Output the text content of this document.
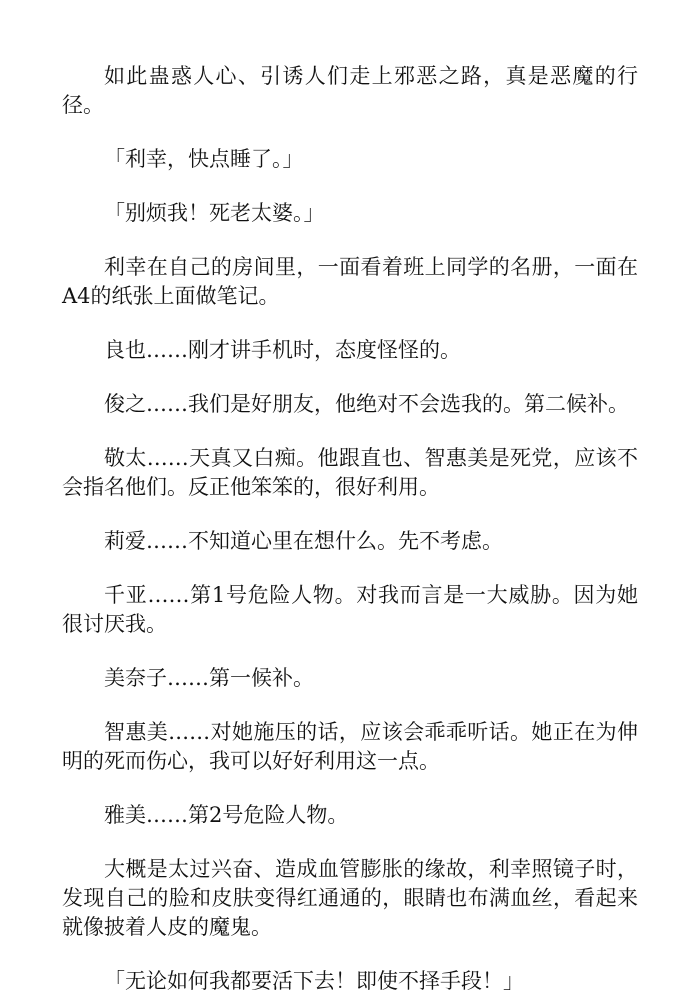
如此蛊惑人心、引诱人们走上邪恶之路，真是恶魔的行径。

「利幸，快点睡了。」

「别烦我！死老太婆。」

利幸在自己的房间里，一面看着班上同学的名册，一面在A4的纸张上面做笔记。

良也……刚才讲手机时，态度怪怪的。

俊之……我们是好朋友，他绝对不会选我的。第二候补。

敬太……天真又白痴。他跟直也、智惠美是死党，应该不会指名他们。反正他笨笨的，很好利用。

莉爱……不知道心里在想什么。先不考虑。

千亚……第1号危险人物。对我而言是一大威胁。因为她很讨厌我。

美奈子……第一候补。

智惠美……对她施压的话，应该会乖乖听话。她正在为伸明的死而伤心，我可以好好利用这一点。

雅美……第2号危险人物。

大概是太过兴奋、造成血管膨胀的缘故，利幸照镜子时，发现自己的脸和皮肤变得红通通的，眼睛也布满血丝，看起来就像披着人皮的魔鬼。

「无论如何我都要活下去！即使不择手段！」
